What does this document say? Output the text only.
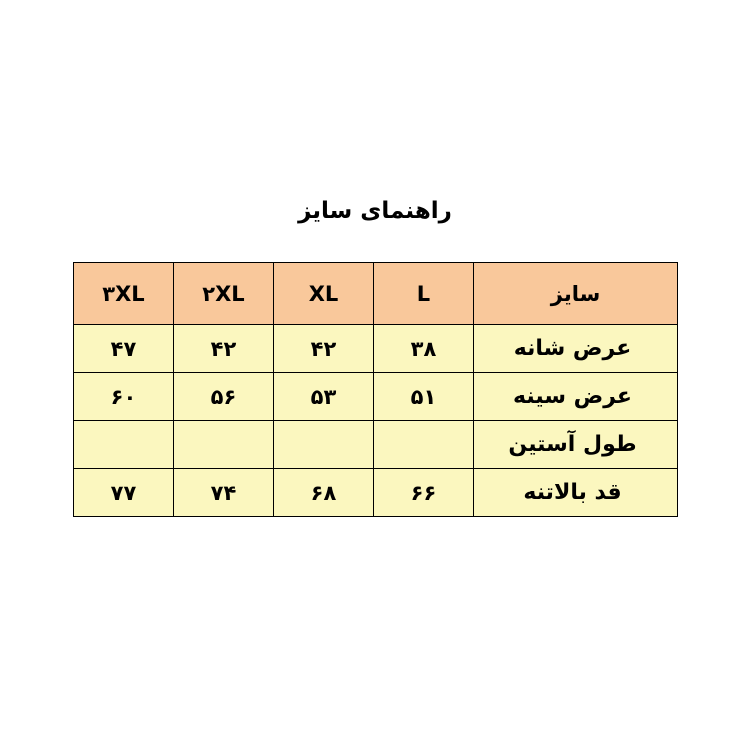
راهنمای سایز
سایز	L	XL	۲XL	۳XL
عرض شانه	۳۸	۴۲	۴۲	۴۷
عرض سینه	۵۱	۵۳	۵۶	۶۰
طول آستین				
قد بالاتنه	۶۶	۶۸	۷۴	۷۷
